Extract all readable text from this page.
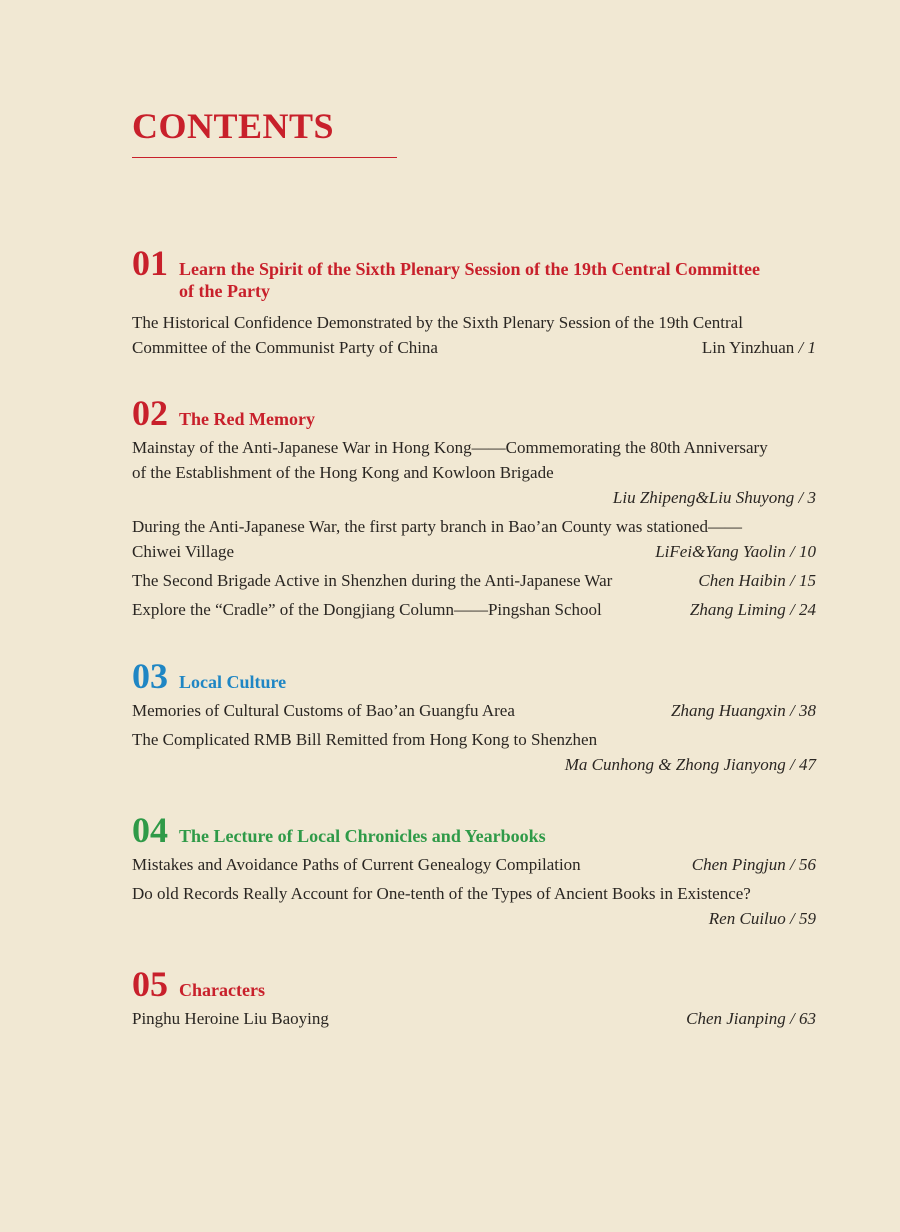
CONTENTS
01 Learn the Spirit of the Sixth Plenary Session of the 19th Central Committee
of the Party
The Historical Confidence Demonstrated by the Sixth Plenary Session of the 19th Central
Committee of the Communist Party of China	Lin Yinzhuan / 1
02 The Red Memory
Mainstay of the Anti-Japanese War in Hong Kong——Commemorating the 80th Anniversary
of the Establishment of the Hong Kong and Kowloon Brigade
Liu Zhipeng&Liu Shuyong / 3
During the Anti-Japanese War, the first party branch in Bao’an County was stationed——
Chiwei Village	LiFei&Yang Yaolin / 10
The Second Brigade Active in Shenzhen during the Anti-Japanese War	Chen Haibin / 15
Explore the “Cradle” of the Dongjiang Column——Pingshan School	Zhang Liming / 24
03 Local Culture
Memories of Cultural Customs of Bao’an Guangfu Area	Zhang Huangxin / 38
The Complicated RMB Bill Remitted from Hong Kong to Shenzhen
Ma Cunhong & Zhong Jianyong / 47
04 The Lecture of Local Chronicles and Yearbooks
Mistakes and Avoidance Paths of Current Genealogy Compilation	Chen Pingjun / 56
Do old Records Really Account for One-tenth of the Types of Ancient Books in Existence?
Ren Cuiluo / 59
05 Characters
Pinghu Heroine Liu Baoying	Chen Jianping / 63
